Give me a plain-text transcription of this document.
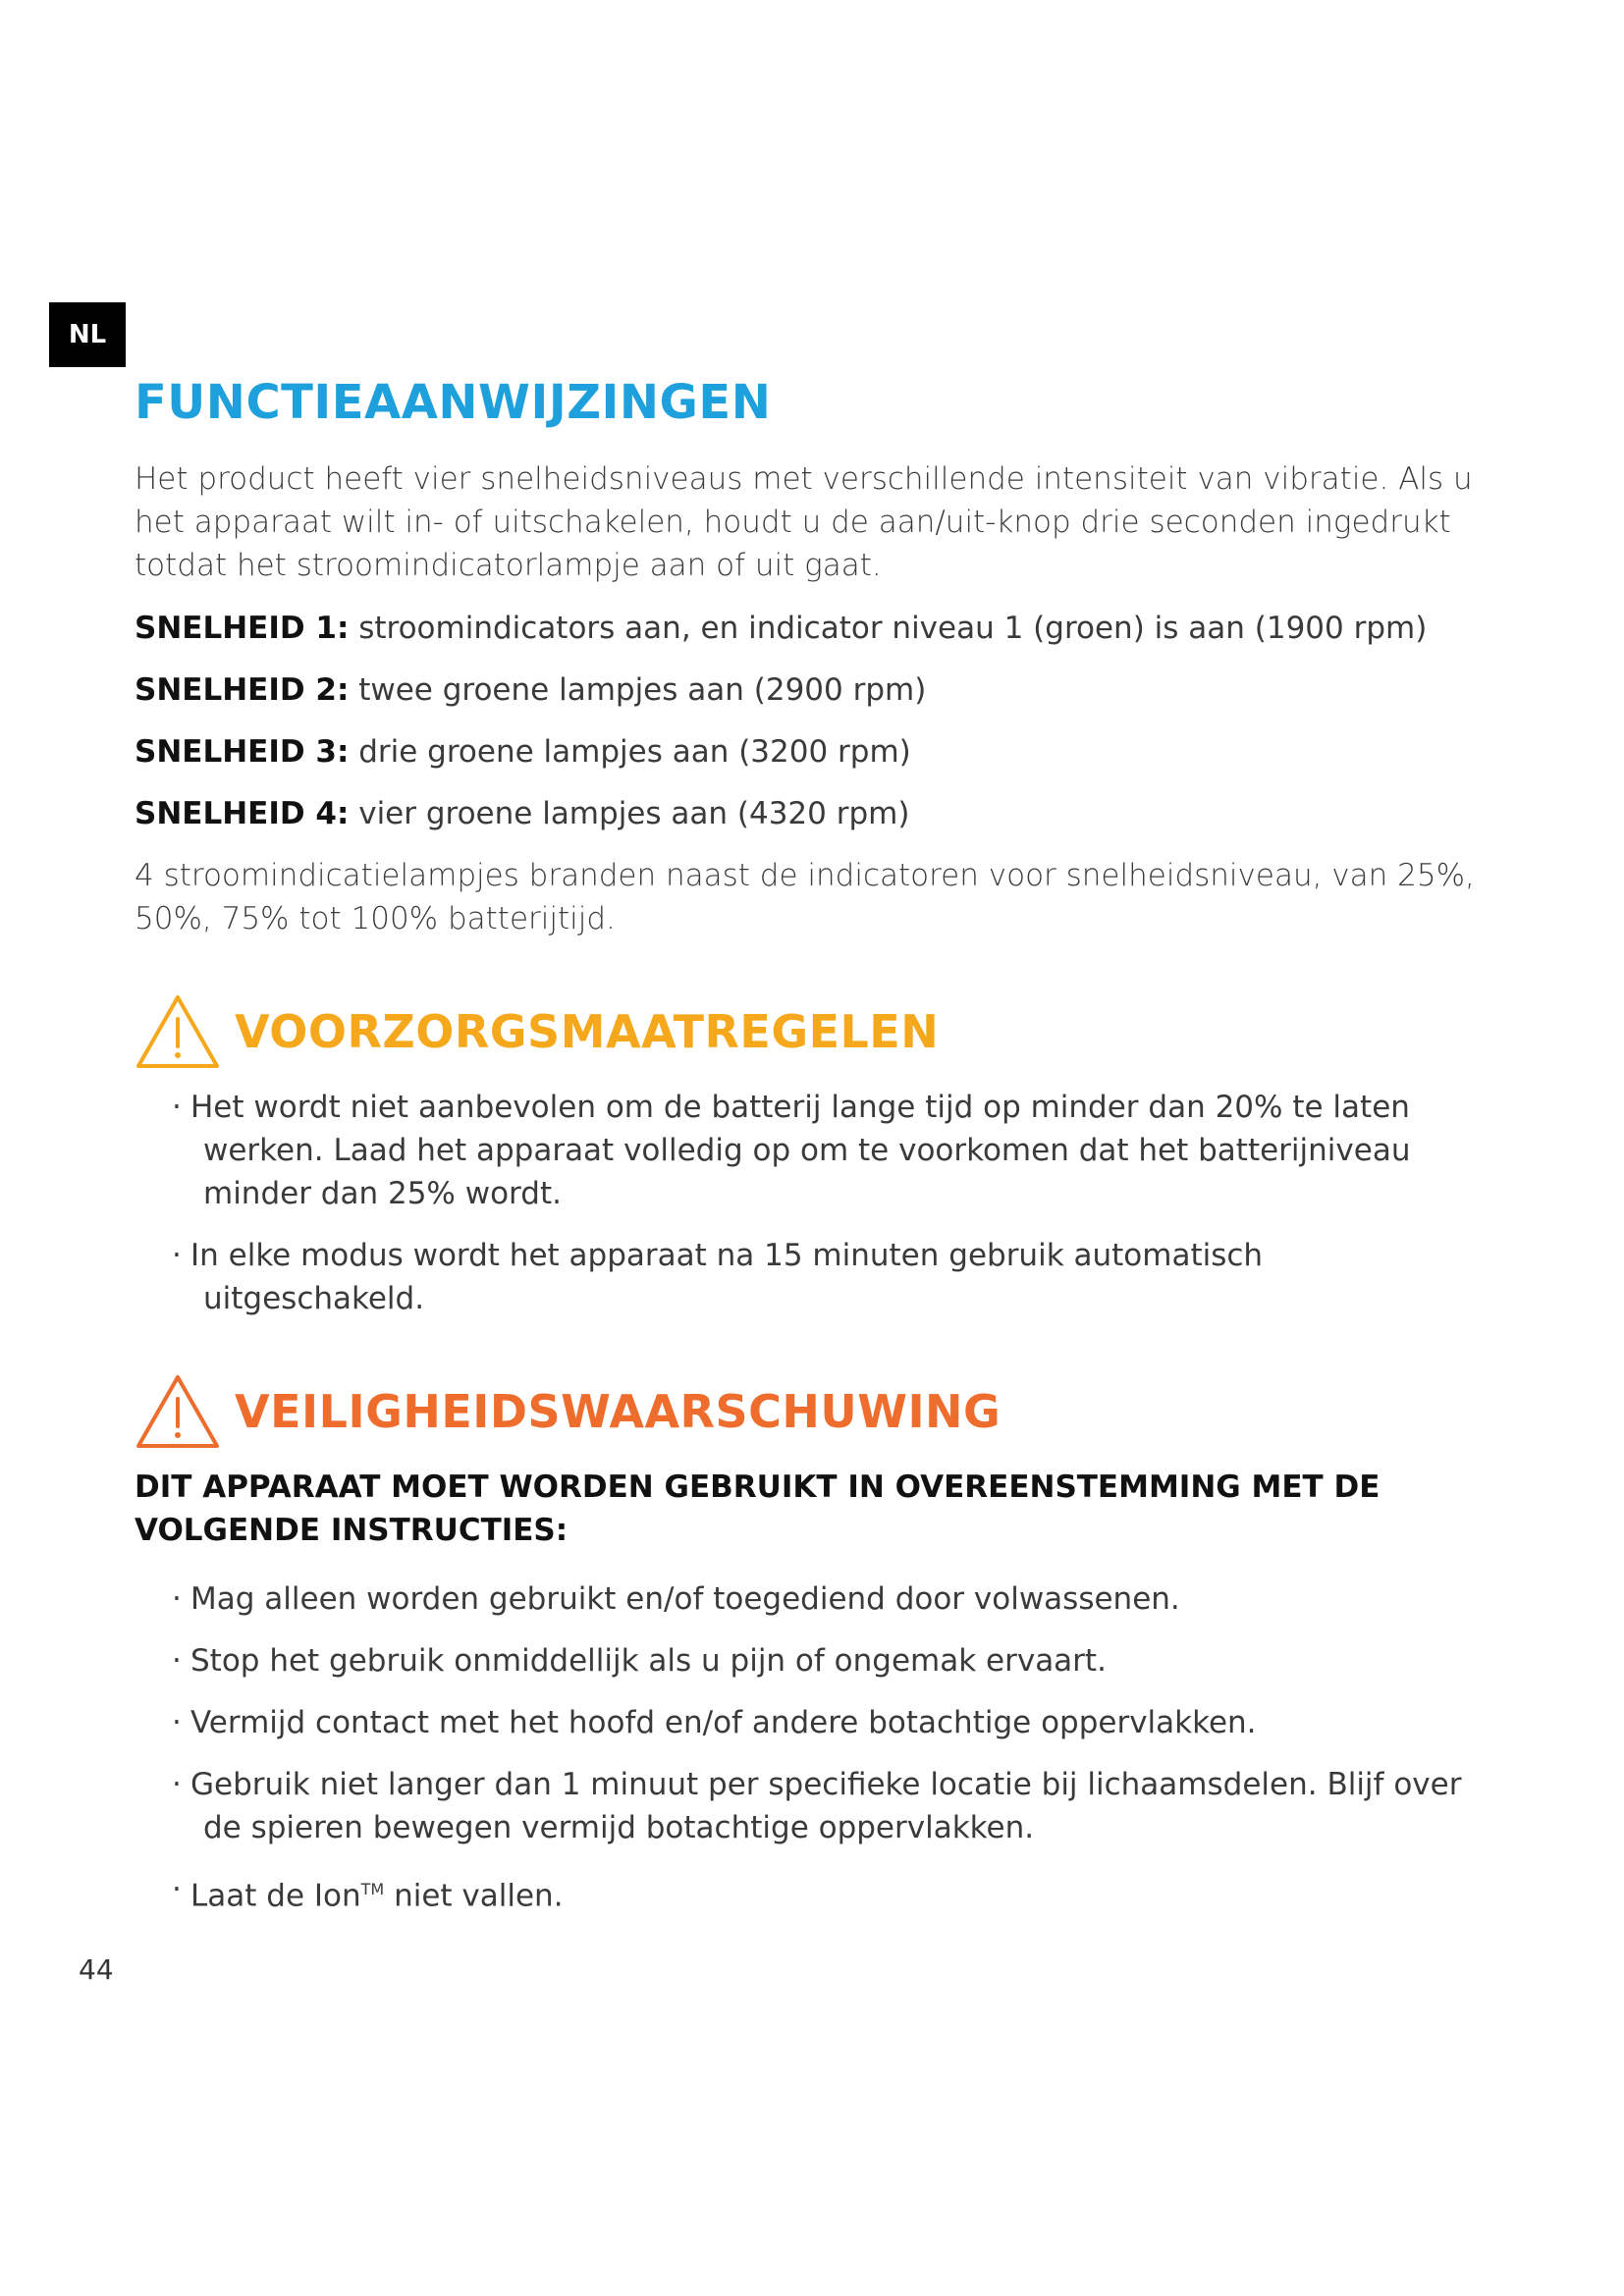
NL
FUNCTIEAANWIJZINGEN

Het product heeft vier snelheidsniveaus met verschillende intensiteit van vibratie. Als u het apparaat wilt in- of uitschakelen, houdt u de aan/uit-knop drie seconden ingedrukt totdat het stroomindicatorlampje aan of uit gaat.

SNELHEID 1: stroomindicators aan, en indicator niveau 1 (groen) is aan (1900 rpm)
SNELHEID 2: twee groene lampjes aan (2900 rpm)
SNELHEID 3: drie groene lampjes aan (3200 rpm)
SNELHEID 4: vier groene lampjes aan (4320 rpm)

4 stroomindicatielampjes branden naast de indicatoren voor snelheidsniveau, van 25%, 50%, 75% tot 100% batterijtijd.

VOORZORGSMAATREGELEN
· Het wordt niet aanbevolen om de batterij lange tijd op minder dan 20% te laten werken. Laad het apparaat volledig op om te voorkomen dat het batterijniveau minder dan 25% wordt.
· In elke modus wordt het apparaat na 15 minuten gebruik automatisch uitgeschakeld.
VEILIGHEIDSWAARSCHUWING
DIT APPARAAT MOET WORDEN GEBRUIKT IN OVEREENSTEMMING MET DE VOLGENDE INSTRUCTIES:
· Mag alleen worden gebruikt en/of toegediend door volwassenen.
· Stop het gebruik onmiddellijk als u pijn of ongemak ervaart.
· Vermijd contact met het hoofd en/of andere botachtige oppervlakken.
· Gebruik niet langer dan 1 minuut per specifieke locatie bij lichaamsdelen. Blijf over de spieren bewegen vermijd botachtige oppervlakken.
· Laat de Ion™ niet vallen.
44
